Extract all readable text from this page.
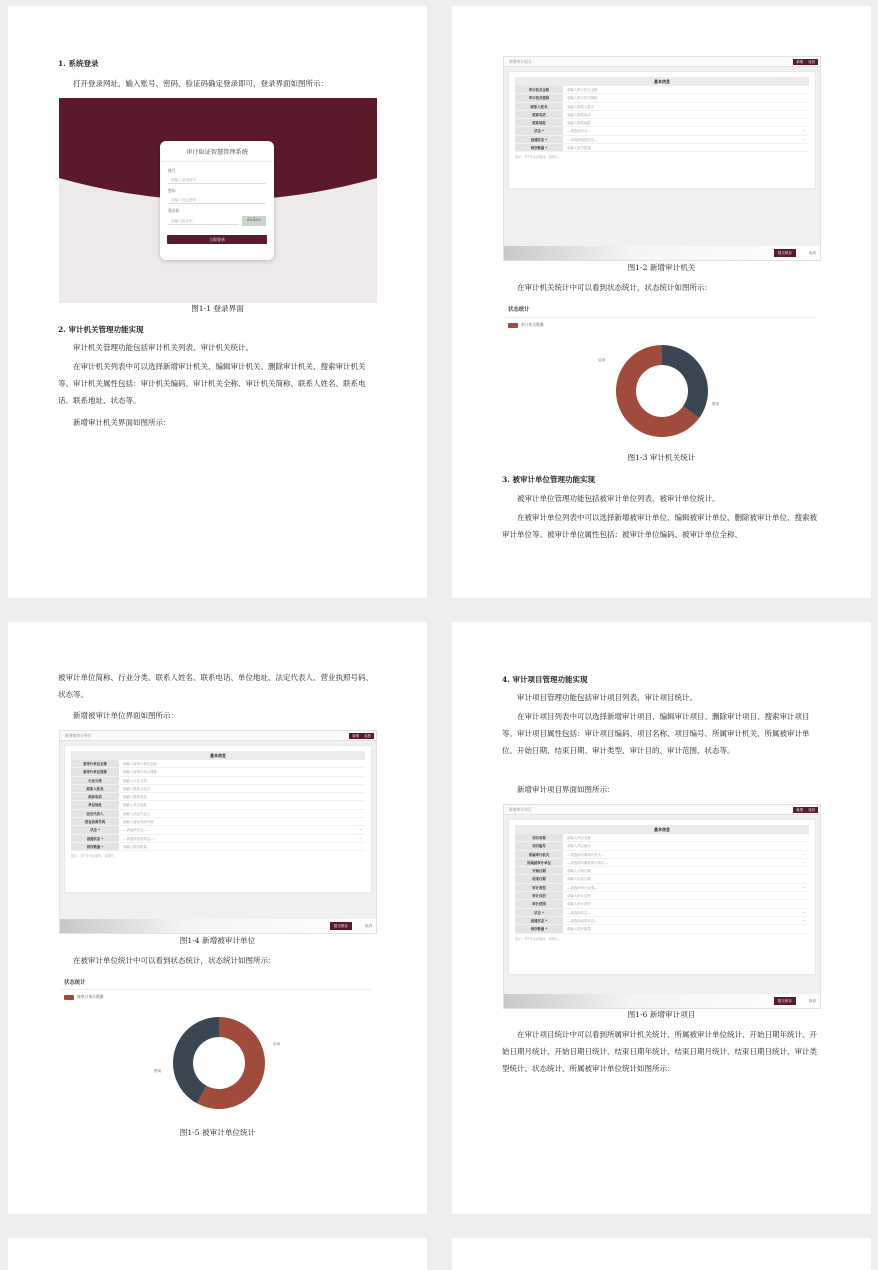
1. 系统登录
打开登录网址，输入账号、密码、验证码确定登录即可，登录界面如图所示：
审计取证智慧管理系统
账号
请输入登录账号
密码
请输入登录密码
验证码
请输入验证码	6x5ax
立即登录
图1-1 登录界面
2. 审计机关管理功能实现
审计机关管理功能包括审计机关列表、审计机关统计。
在审计机关列表中可以选择新增审计机关、编辑审计机关、删除审计机关、搜索审计机关等。审计机关属性包括：审计机关编码、审计机关全称、审计机关简称、联系人姓名、联系电话、联系地址、状态等。
新增审计机关界面如图所示：
新增审计机关	新增	返回
基本信息
审计机关全称	请输入审计机关全称
审计机关简称	请输入审计机关简称
联系人姓名	请输入联系人姓名
联系电话	请输入联系电话
联系地址	请输入联系地址
状态 *	—请选择状态— ⌄
创建状态 *	—请选择创建状态— ⌄
排序数量 *	请输入排序数量
提示：带*号为必填项，请填写。
提交保存	取消
图1-2 新增审计机关
在审计机关统计中可以看到状态统计，状态统计如图所示：
状态统计
审计机关数量
启用
禁用
图1-3 审计机关统计
3. 被审计单位管理功能实现
被审计单位管理功能包括被审计单位列表、被审计单位统计。
在被审计单位列表中可以选择新增被审计单位、编辑被审计单位、删除被审计单位、搜索被审计单位等。被审计单位属性包括：被审计单位编码、被审计单位全称、
被审计单位简称、行业分类、联系人姓名、联系电话、单位地址、法定代表人、营业执照号码、状态等。
新增被审计单位界面如图所示：
新增被审计单位	新增	返回
基本信息
被审计单位全称	请输入被审计单位全称
被审计单位简称	请输入被审计单位简称
行业分类	请输入行业分类
联系人姓名	请输入联系人姓名
联系电话	请输入联系电话
单位地址	请输入单位地址
法定代表人	请输入法定代表人
营业执照号码	请输入营业执照号码
状态 *	—请选择状态— ⌄
创建状态 *	—请选择创建状态— ⌄
排序数量 *	请输入排序数量
提示：带*号为必填项，请填写。
提交保存	取消
图1-4 新增被审计单位
在被审计单位统计中可以看到状态统计，状态统计如图所示：
状态统计
被审计单位数量
启用
禁用
图1-5 被审计单位统计
4. 审计项目管理功能实现
审计项目管理功能包括审计项目列表、审计项目统计。
在审计项目列表中可以选择新增审计项目、编辑审计项目、删除审计项目、搜索审计项目等。审计项目属性包括：审计项目编码、项目名称、项目编号、所属审计机关、所属被审计单位、开始日期、结束日期、审计类型、审计目的、审计范围、状态等。
新增审计项目界面如图所示：
新增审计项目	新增	返回
基本信息
项目名称	请输入项目名称
项目编号	请输入项目编号
所属审计机关	—请选择所属审计机关— ⌄
所属被审计单位	—请选择所属被审计单位— ⌄
开始日期	请输入开始日期
结束日期	请输入结束日期
审计类型	—请选择审计类型— ⌄
审计目的	请输入审计目的
审计范围	请输入审计范围
状态 *	—请选择状态— ⌄
创建状态 *	—请选择创建状态— ⌄
排序数量 *	请输入排序数量
提示：带*号为必填项，请填写。
提交保存	取消
图1-6 新增审计项目
在审计项目统计中可以看到所属审计机关统计、所属被审计单位统计、开始日期年统计、开始日期月统计、开始日期日统计、结束日期年统计、结束日期月统计、结束日期日统计、审计类型统计、状态统计、所属被审计单位统计如图所示：
